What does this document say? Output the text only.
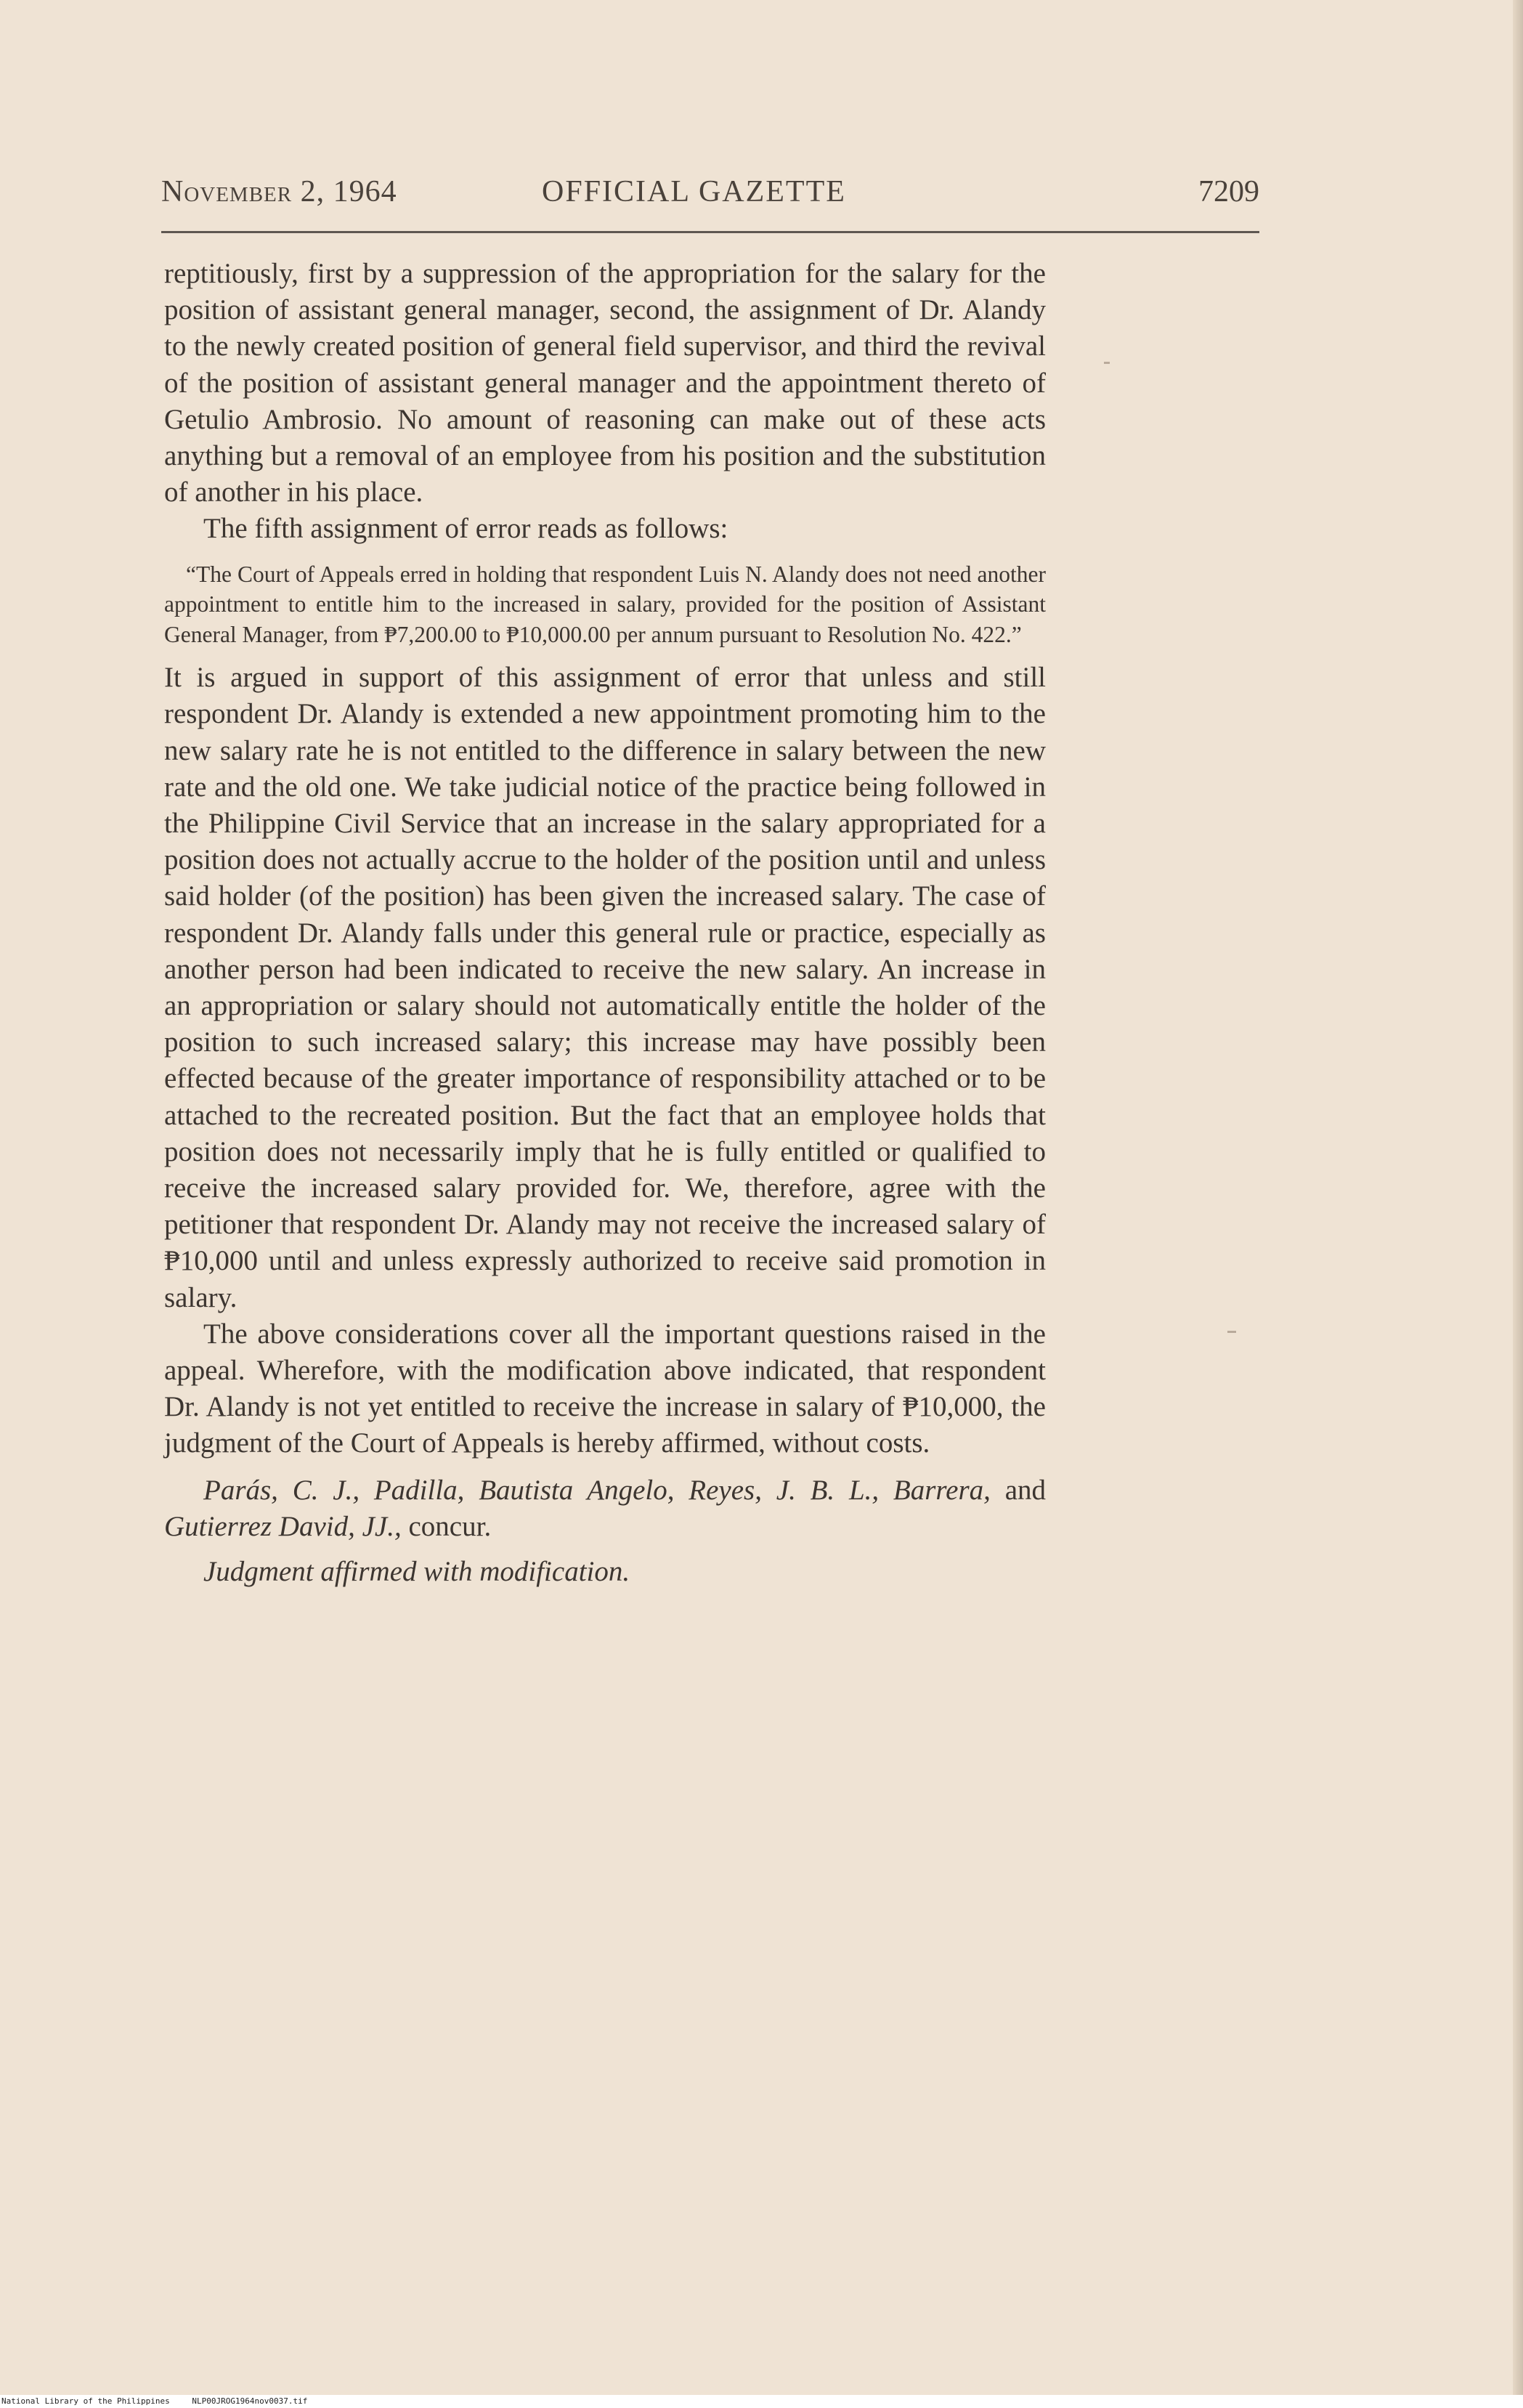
November 2, 1964	OFFICIAL GAZETTE	7209

reptitiously, first by a suppression of the appropriation for the salary for the position of assistant general manager, second, the assignment of Dr. Alandy to the newly created position of general field supervisor, and third the revival of the position of assistant general manager and the appointment thereto of Getulio Ambrosio. No amount of reasoning can make out of these acts anything but a removal of an employee from his position and the substitution of another in his place.

The fifth assignment of error reads as follows:

“The Court of Appeals erred in holding that respondent Luis N. Alandy does not need another appointment to entitle him to the increased in salary, provided for the position of Assistant General Manager, from ₱7,200.00 to ₱10,000.00 per annum pursuant to Resolution No. 422.”

It is argued in support of this assignment of error that unless and still respondent Dr. Alandy is extended a new appointment promoting him to the new salary rate he is not entitled to the difference in salary between the new rate and the old one. We take judicial notice of the practice being followed in the Philippine Civil Service that an increase in the salary appropriated for a position does not actually accrue to the holder of the position until and unless said holder (of the position) has been given the increased salary. The case of respondent Dr. Alandy falls under this general rule or practice, especially as another person had been indicated to receive the new salary. An increase in an appropriation or salary should not automatically entitle the holder of the position to such increased salary; this increase may have possibly been effected because of the greater importance of responsibility attached or to be attached to the recreated position. But the fact that an employee holds that position does not necessarily imply that he is fully entitled or qualified to receive the increased salary provided for. We, therefore, agree with the petitioner that respondent Dr. Alandy may not receive the increased salary of ₱10,000 until and unless expressly authorized to receive said promotion in salary.

The above considerations cover all the important questions raised in the appeal. Wherefore, with the modification above indicated, that respondent Dr. Alandy is not yet entitled to receive the increase in salary of ₱10,000, the judgment of the Court of Appeals is hereby affirmed, without costs.

Parás, C. J., Padilla, Bautista Angelo, Reyes, J. B. L., Barrera, and Gutierrez David, JJ., concur.

Judgment affirmed with modification.

National Library of the Philippines	NLP00JROG1964nov0037.tif
